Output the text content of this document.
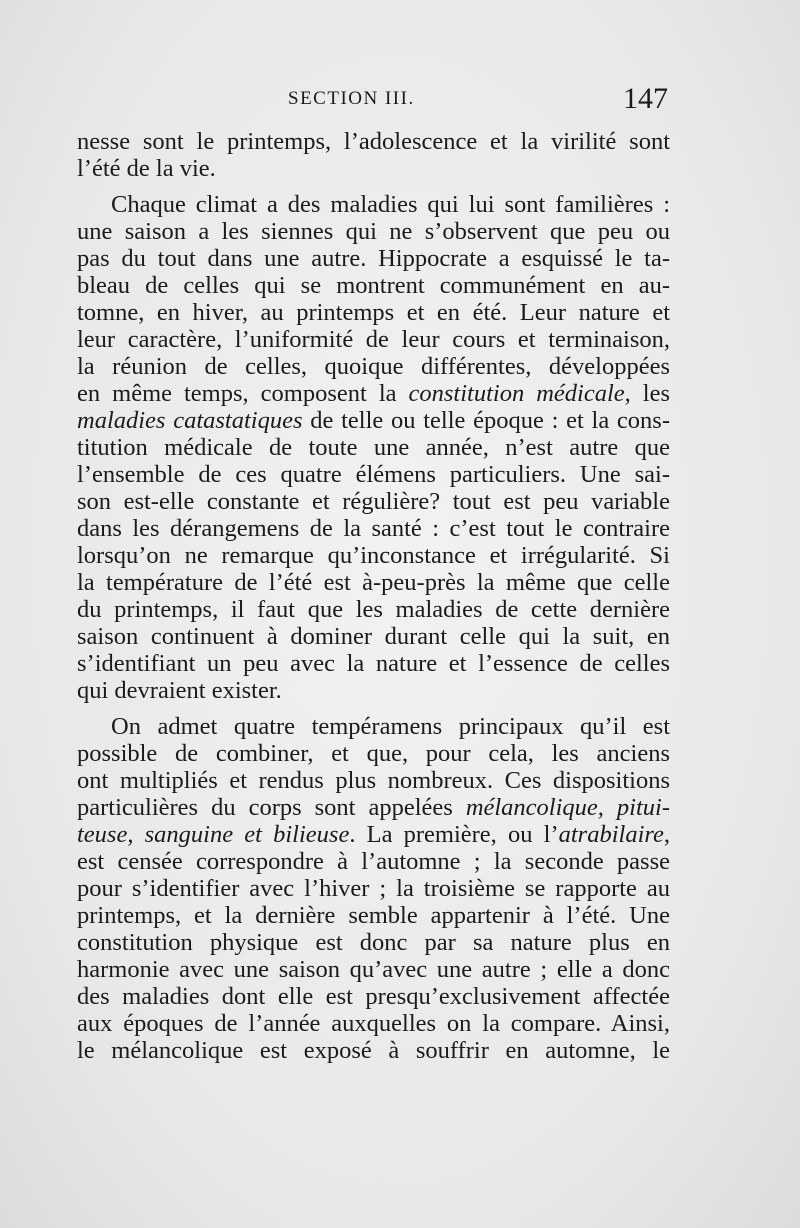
SECTION III.	147
nesse sont le printemps, l’adolescence et la virilité sont
l’été de la vie.
Chaque climat a des maladies qui lui sont familières :
une saison a les siennes qui ne s’observent que peu ou
pas du tout dans une autre. Hippocrate a esquissé le ta-
bleau de celles qui se montrent communément en au-
tomne, en hiver, au printemps et en été. Leur nature et
leur caractère, l’uniformité de leur cours et terminaison,
la réunion de celles, quoique différentes, développées
en même temps, composent la constitution médicale, les
maladies catastatiques de telle ou telle époque : et la cons-
titution médicale de toute une année, n’est autre que
l’ensemble de ces quatre élémens particuliers. Une sai-
son est-elle constante et régulière? tout est peu variable
dans les dérangemens de la santé : c’est tout le contraire
lorsqu’on ne remarque qu’inconstance et irrégularité. Si
la température de l’été est à-peu-près la même que celle
du printemps, il faut que les maladies de cette dernière
saison continuent à dominer durant celle qui la suit, en
s’identifiant un peu avec la nature et l’essence de celles
qui devraient exister.
On admet quatre tempéramens principaux qu’il est
possible de combiner, et que, pour cela, les anciens
ont multipliés et rendus plus nombreux. Ces dispositions
particulières du corps sont appelées mélancolique, pitui-
teuse, sanguine et bilieuse. La première, ou l’atrabilaire,
est censée correspondre à l’automne ; la seconde passe
pour s’identifier avec l’hiver ; la troisième se rapporte au
printemps, et la dernière semble appartenir à l’été. Une
constitution physique est donc par sa nature plus en
harmonie avec une saison qu’avec une autre ; elle a donc
des maladies dont elle est presqu’exclusivement affectée
aux époques de l’année auxquelles on la compare. Ainsi,
le mélancolique est exposé à souffrir en automne, le
